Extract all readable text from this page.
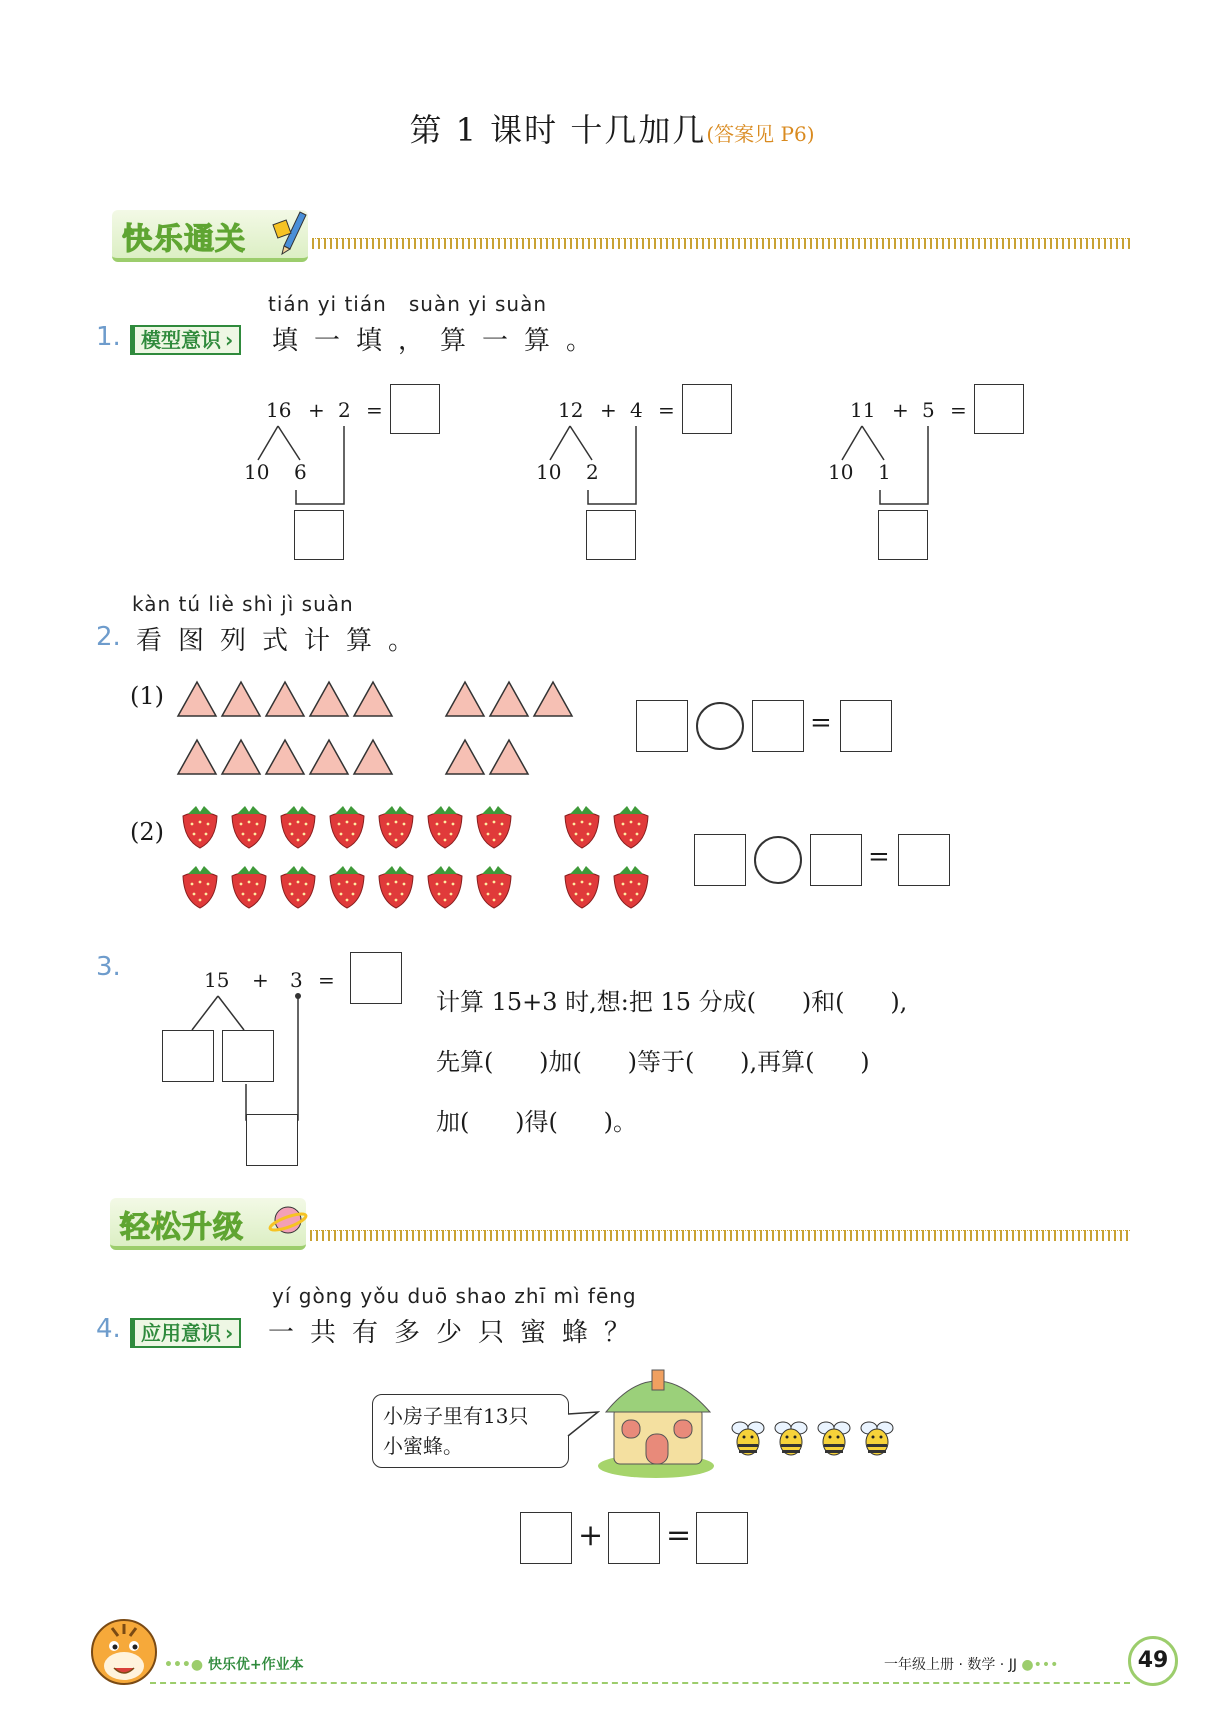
第 1 课时 十几加几(答案见 P6)
快乐通关
tián yi tián   suàn yi suàn
1.	模型意识 ›	填一填，算一算。
16 + 2 =
10 6
12 + 4 =
10 2
11 + 5 =
10 1
kàn tú liè shì jì suàn
2. 看图列式计算。
(1)
=
(2)
=
3.	15 + 3 =
计算 15+3 时,想:把 15 分成(      )和(      ),
先算(      )加(      )等于(      ),再算(      )
加(      )得(      )。
轻松升级
yí gòng yǒu duō shao zhī mì fēng
4.	应用意识 ›	一共有多少只蜜蜂？
小房子里有13只
小蜜蜂。
+ =
•••● 快乐优+作业本	一年级上册 · 数学 · JJ ●•••	49
